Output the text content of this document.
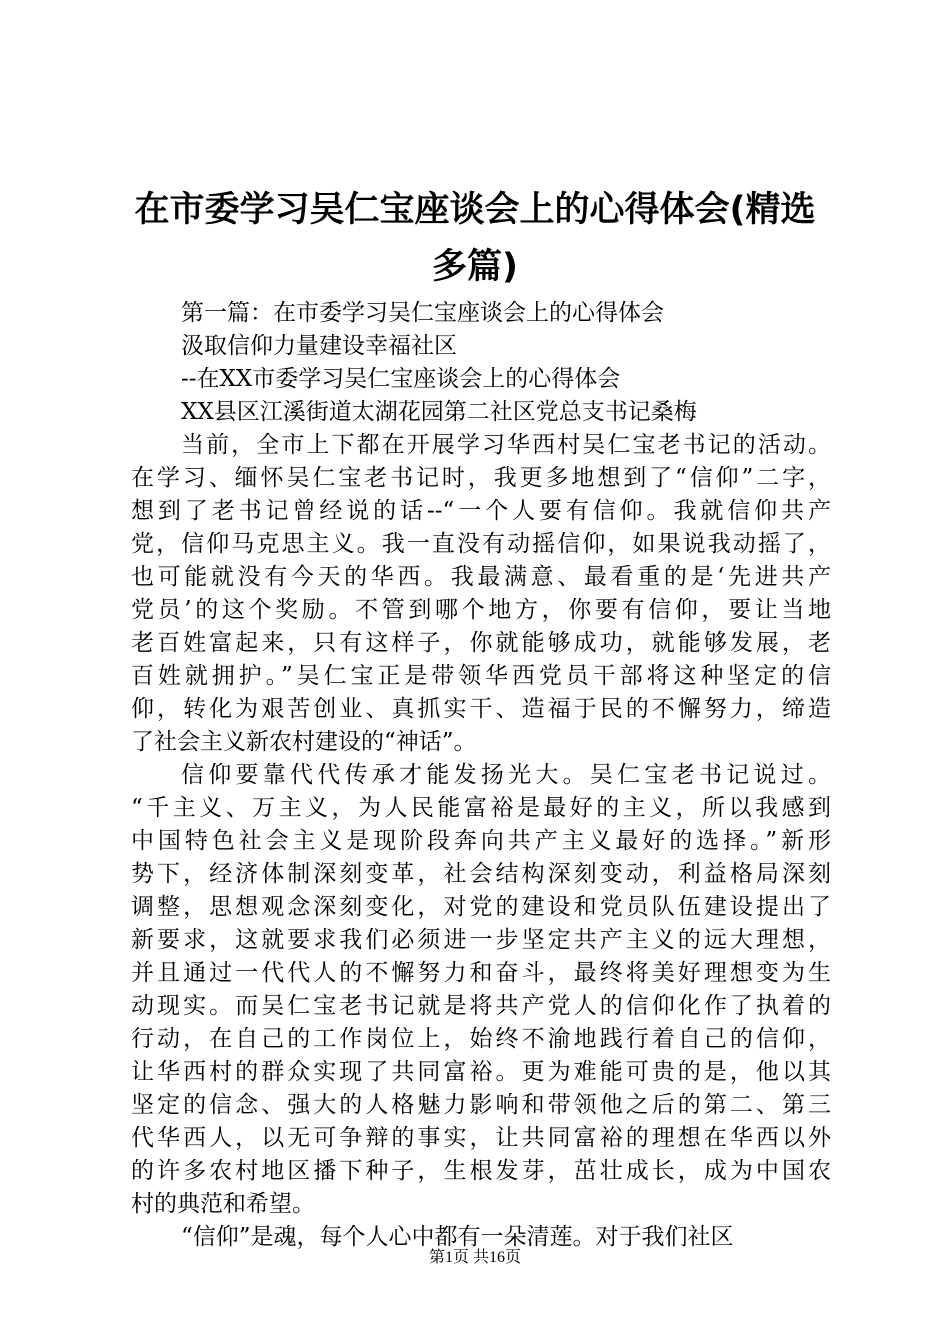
在市委学习吴仁宝座谈会上的心得体会(精选
多篇)
第一篇：在市委学习吴仁宝座谈会上的心得体会
汲取信仰力量建设幸福社区
--在XX市委学习吴仁宝座谈会上的心得体会
XX县区江溪街道太湖花园第二社区党总支书记桑梅
当前，全市上下都在开展学习华西村吴仁宝老书记的活动。
在学习、缅怀吴仁宝老书记时，我更多地想到了“信仰”二字，
想到了老书记曾经说的话--“一个人要有信仰。我就信仰共产
党，信仰马克思主义。我一直没有动摇信仰，如果说我动摇了，
也可能就没有今天的华西。我最满意、最看重的是‘先进共产
党员’的这个奖励。不管到哪个地方，你要有信仰，要让当地
老百姓富起来，只有这样子，你就能够成功，就能够发展，老
百姓就拥护。”吴仁宝正是带领华西党员干部将这种坚定的信
仰，转化为艰苦创业、真抓实干、造福于民的不懈努力，缔造
了社会主义新农村建设的“神话”。
信仰要靠代代传承才能发扬光大。吴仁宝老书记说过。
“千主义、万主义，为人民能富裕是最好的主义，所以我感到
中国特色社会主义是现阶段奔向共产主义最好的选择。”新形
势下，经济体制深刻变革，社会结构深刻变动，利益格局深刻
调整，思想观念深刻变化，对党的建设和党员队伍建设提出了
新要求，这就要求我们必须进一步坚定共产主义的远大理想，
并且通过一代代人的不懈努力和奋斗，最终将美好理想变为生
动现实。而吴仁宝老书记就是将共产党人的信仰化作了执着的
行动，在自己的工作岗位上，始终不渝地践行着自己的信仰，
让华西村的群众实现了共同富裕。更为难能可贵的是，他以其
坚定的信念、强大的人格魅力影响和带领他之后的第二、第三
代华西人，以无可争辩的事实，让共同富裕的理想在华西以外
的许多农村地区播下种子，生根发芽，茁壮成长，成为中国农
村的典范和希望。
“信仰”是魂，每个人心中都有一朵清莲。对于我们社区
第1页 共16页
